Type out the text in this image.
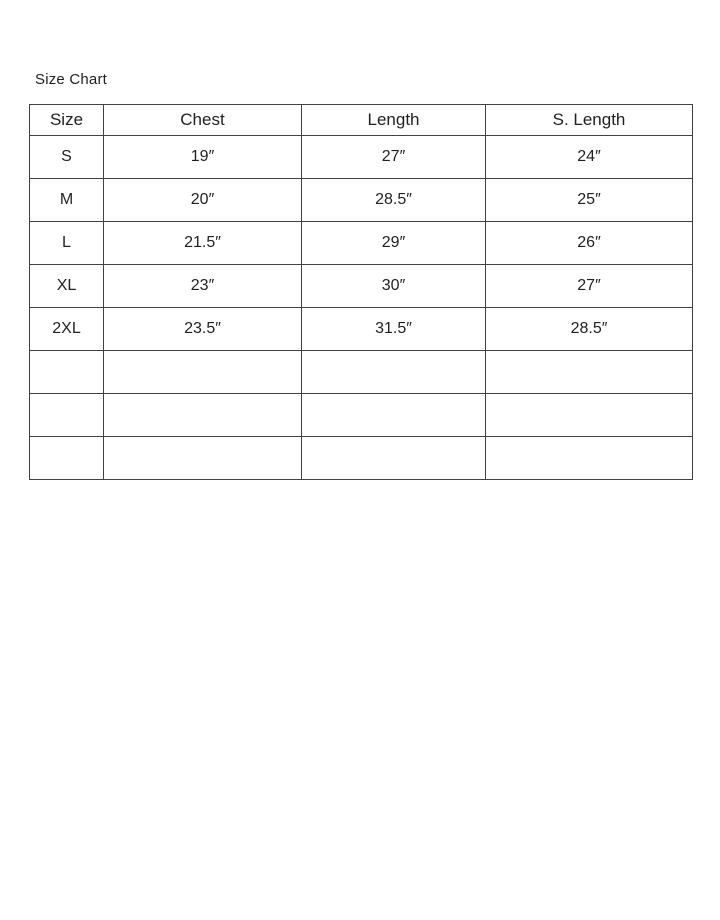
Size Chart
Size	Chest	Length	S. Length
S	19″	27″	24″
M	20″	28.5″	25″
L	21.5″	29″	26″
XL	23″	30″	27″
2XL	23.5″	31.5″	28.5″
